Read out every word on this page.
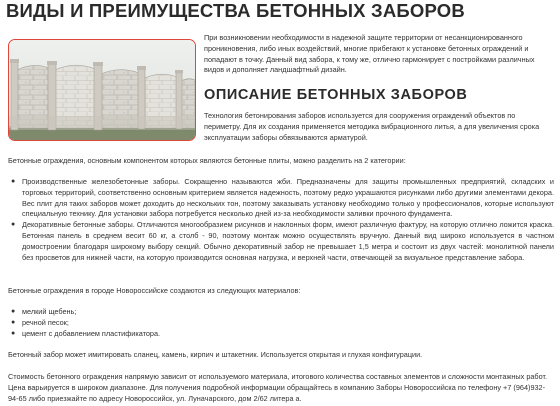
ВИДЫ И ПРЕИМУЩЕСТВА БЕТОННЫХ ЗАБОРОВ

При возникновении необходимости в надежной защите территории от несанкционированного проникновения, либо иных воздействий, многие прибегают к установке бетонных ограждений и попадают в точку. Данный вид забора, к тому же, отлично гармонирует с постройками различных видов и дополняет ландшафтный дизайн.

ОПИСАНИЕ БЕТОННЫХ ЗАБОРОВ

Технология бетонирования заборов используется для сооружения ограждений объектов по периметру. Для их создания применяется методика вибрационного литья, а для увеличения срока эксплуатации заборы обвязываются арматурой.

Бетонные ограждения, основным компонентом которых являются бетонные плиты, можно разделить на 2 категории:

● Производственные железобетонные заборы. Сокращенно называются жби. Предназначены для защиты промышленных предприятий, складских и торговых территорий, соответственно основным критерием является надежность, поэтому редко украшаются рисунками либо другими элементами декора. Вес плит для таких заборов может доходить до нескольких тон, поэтому заказывать установку необходимо только у профессионалов, которые используют специальную технику. Для установки забора потребуется несколько дней из-за необходимости заливки прочного фундамента.
● Декоративные бетонные заборы. Отличаются многообразием рисунков и наклонных форм, имеют различную фактуру, на которую отлично ложится краска. Бетонная панель в среднем весит 60 кг, а столб - 90, поэтому монтаж можно осуществлять вручную. Данный вид широко используется в частном домостроении благодаря широкому выбору секций. Обычно декоративный забор не превышает 1,5 метра и состоит из двух частей: монолитной панели без просветов для нижней части, на которую производится основная нагрузка, и верхней части, отвечающей за визуальное представление забора.

Бетонные ограждения в городе Новороссийске создаются из следующих материалов:

● мелкий щебень;
● речной песок;
● цемент с добавлением пластификатора.

Бетонный забор может имитировать сланец, камень, кирпич и штакетник. Используется открытая и глухая конфигурации.

Стоимость бетонного ограждения напрямую зависит от используемого материала, итогового количества составных элементов и сложности монтажных работ. Цена варьируется в широком диапазоне. Для получения подробной информации обращайтесь в компанию Заборы Новороссийска по телефону +7 (964)932-94-65 либо приезжайте по адресу Новороссийск, ул. Луначарского, дом 2/62 литера а.
